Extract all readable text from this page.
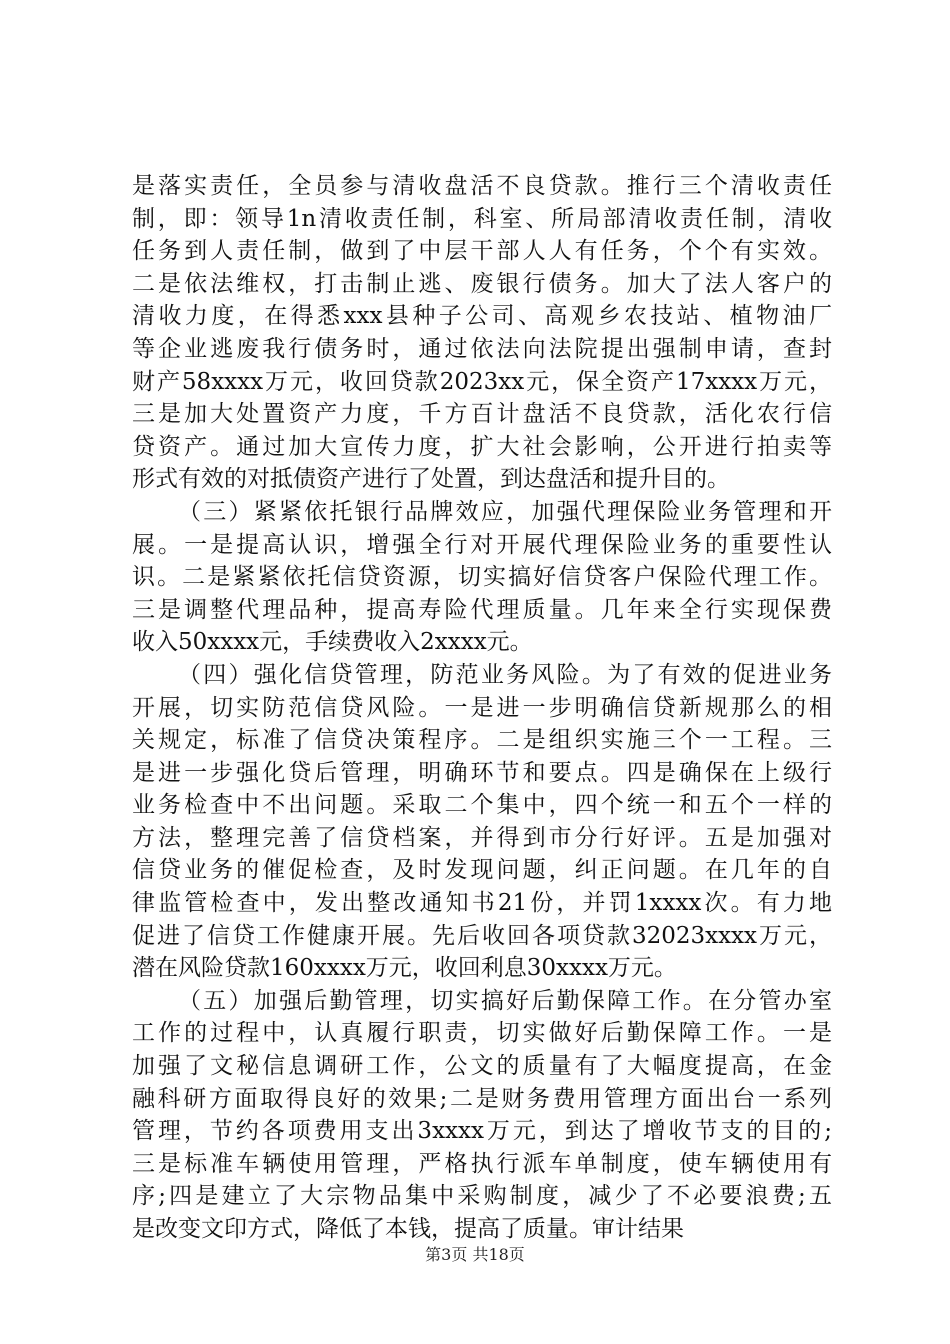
是落实责任，全员参与清收盘活不良贷款。推行三个清收责任
制，即：领导1n清收责任制，科室、所局部清收责任制，清收
任务到人责任制，做到了中层干部人人有任务，个个有实效。
二是依法维权，打击制止逃、废银行债务。加大了法人客户的
清收力度，在得悉xxx县种子公司、高观乡农技站、植物油厂
等企业逃废我行债务时，通过依法向法院提出强制申请，查封
财产58xxxx万元，收回贷款2023xx元，保全资产17xxxx万元，
三是加大处置资产力度，千方百计盘活不良贷款，活化农行信
贷资产。通过加大宣传力度，扩大社会影响，公开进行拍卖等
形式有效的对抵债资产进行了处置，到达盘活和提升目的。
（三）紧紧依托银行品牌效应，加强代理保险业务管理和开
展。一是提高认识，增强全行对开展代理保险业务的重要性认
识。二是紧紧依托信贷资源，切实搞好信贷客户保险代理工作。
三是调整代理品种，提高寿险代理质量。几年来全行实现保费
收入50xxxx元，手续费收入2xxxx元。
（四）强化信贷管理，防范业务风险。为了有效的促进业务
开展，切实防范信贷风险。一是进一步明确信贷新规那么的相
关规定，标准了信贷决策程序。二是组织实施三个一工程。三
是进一步强化贷后管理，明确环节和要点。四是确保在上级行
业务检查中不出问题。采取二个集中，四个统一和五个一样的
方法，整理完善了信贷档案，并得到市分行好评。五是加强对
信贷业务的催促检查，及时发现问题，纠正问题。在几年的自
律监管检查中，发出整改通知书21份，并罚1xxxx次。有力地
促进了信贷工作健康开展。先后收回各项贷款32023xxxx万元，
潜在风险贷款160xxxx万元，收回利息30xxxx万元。
（五）加强后勤管理，切实搞好后勤保障工作。在分管办室
工作的过程中，认真履行职责，切实做好后勤保障工作。一是
加强了文秘信息调研工作，公文的质量有了大幅度提高，在金
融科研方面取得良好的效果;二是财务费用管理方面出台一系列
管理，节约各项费用支出3xxxx万元，到达了增收节支的目的;
三是标准车辆使用管理，严格执行派车单制度，使车辆使用有
序;四是建立了大宗物品集中采购制度，减少了不必要浪费;五
是改变文印方式，降低了本钱，提高了质量。审计结果
第3页 共18页
